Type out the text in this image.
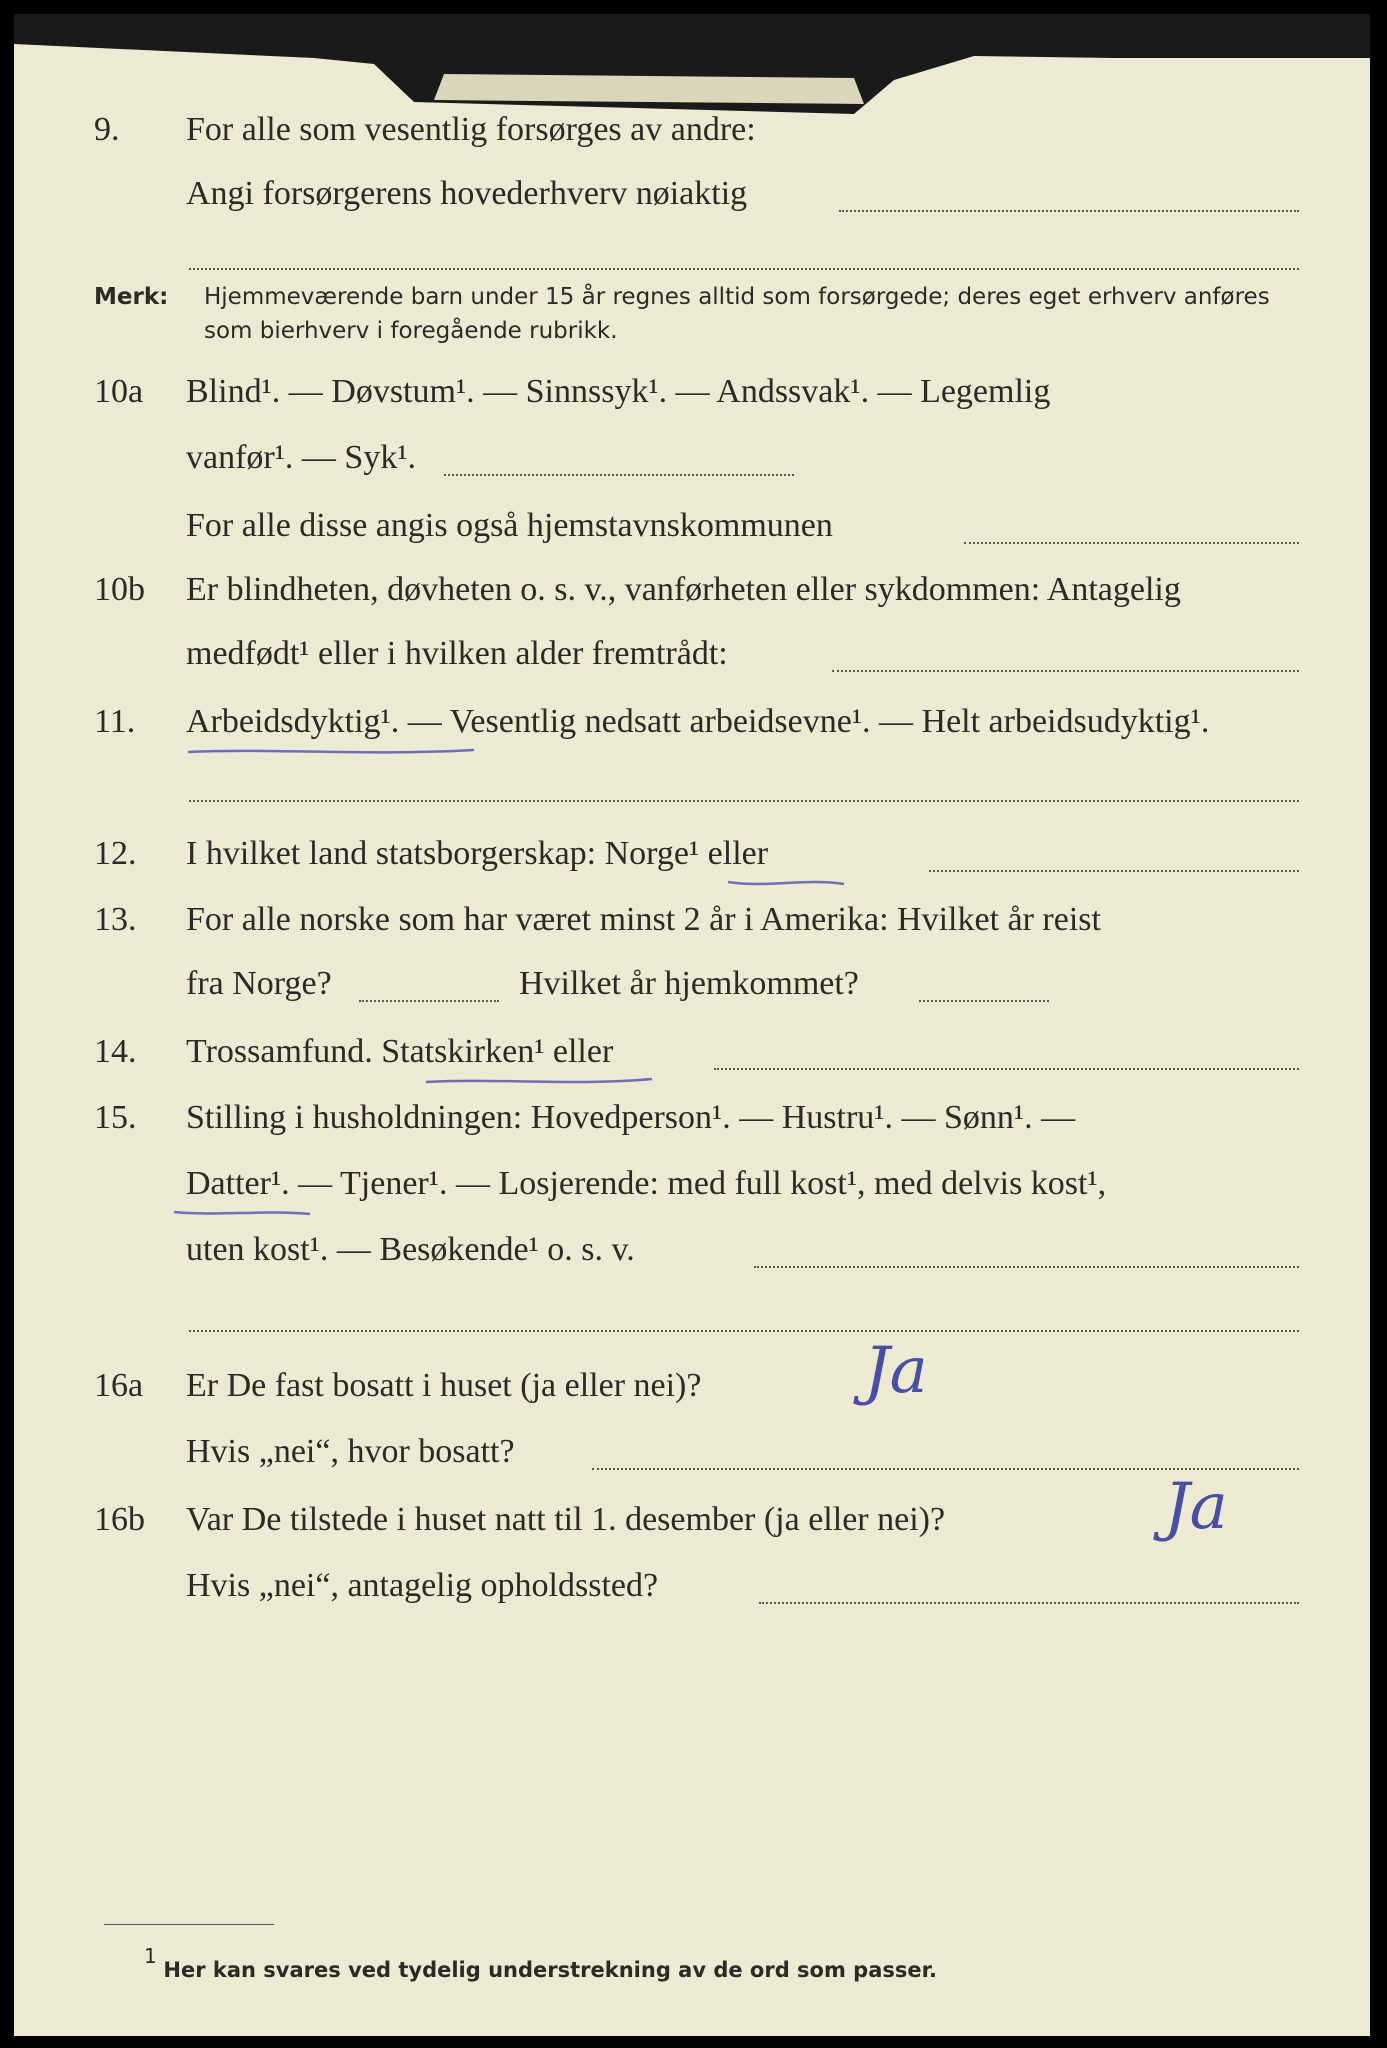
9. For alle som vesentlig forsørges av andre:
Angi forsørgerens hovederhverv nøiaktig
Merk: Hjemmeværende barn under 15 år regnes alltid som forsørgede; deres eget erhverv anføres som bierhverv i foregående rubrikk.
10a Blind¹. — Døvstum¹. — Sinnssyk¹. — Andssvak¹. — Legemlig
vanfør¹. — Syk¹.
For alle disse angis også hjemstavnskommunen
10b Er blindheten, døvheten o. s. v., vanførheten eller sykdommen: Antagelig
medfødt¹ eller i hvilken alder fremtrådt:
11. Arbeidsdyktig¹. — Vesentlig nedsatt arbeidsevne¹. — Helt arbeidsudyktig¹.
12. I hvilket land statsborgerskap: Norge¹ eller
13. For alle norske som har været minst 2 år i Amerika: Hvilket år reist
fra Norge?	Hvilket år hjemkommet?
14. Trossamfund. Statskirken¹ eller
15. Stilling i husholdningen: Hovedperson¹. — Hustru¹. — Sønn¹. —
Datter¹. — Tjener¹. — Losjerende: med full kost¹, med delvis kost¹,
uten kost¹. — Besøkende¹ o. s. v.
16a Er De fast bosatt i huset (ja eller nei)?	Ja
Hvis „nei“, hvor bosatt?
16b Var De tilstede i huset natt til 1. desember (ja eller nei)?	Ja
Hvis „nei“, antagelig opholdssted?
1 Her kan svares ved tydelig understrekning av de ord som passer.
